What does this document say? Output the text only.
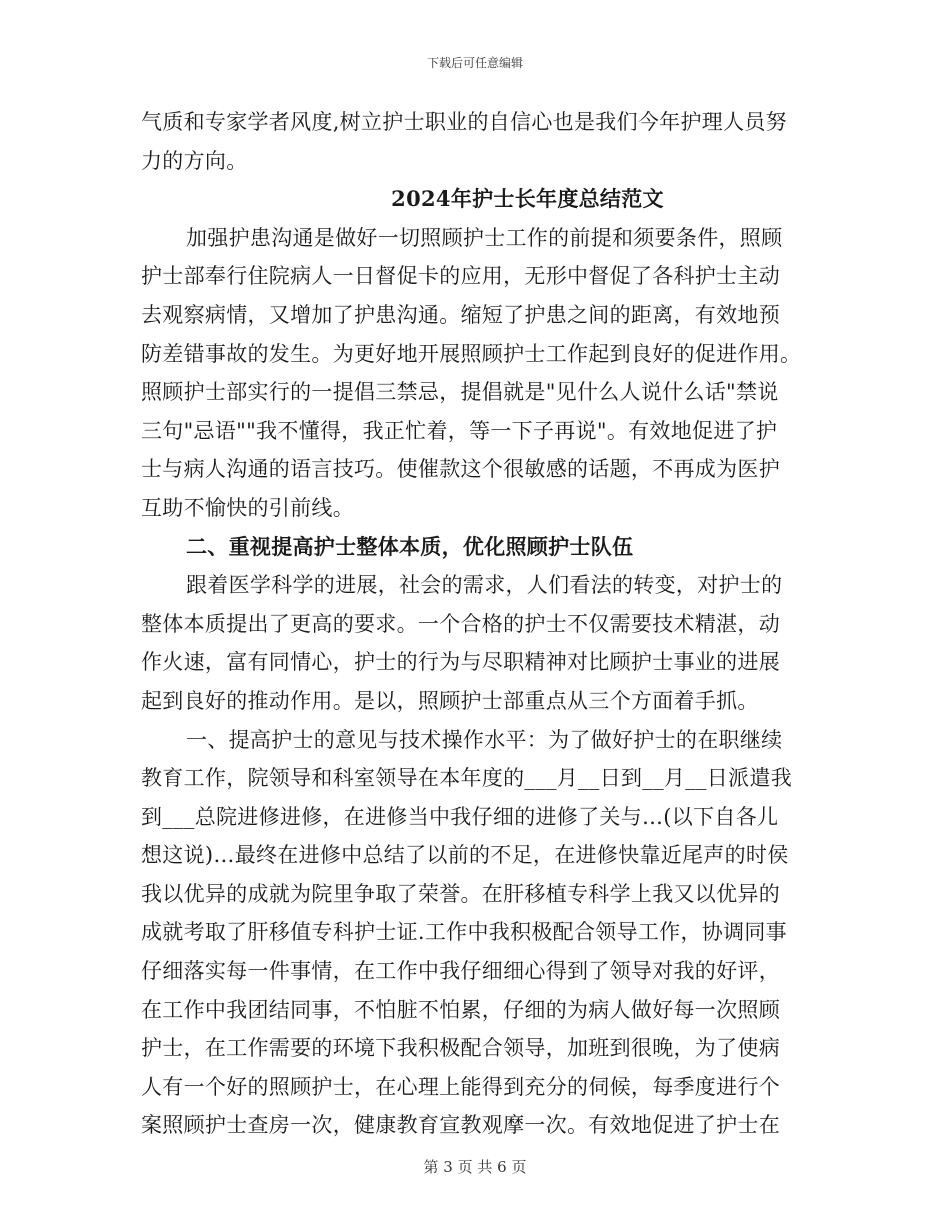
下载后可任意编辑
气质和专家学者风度,树立护士职业的自信心也是我们今年护理人员努
力的方向。
2024年护士长年度总结范文
加强护患沟通是做好一切照顾护士工作的前提和须要条件，照顾
护士部奉行住院病人一日督促卡的应用，无形中督促了各科护士主动
去观察病情，又增加了护患沟通。缩短了护患之间的距离，有效地预
防差错事故的发生。为更好地开展照顾护士工作起到良好的促进作用。
照顾护士部实行的一提倡三禁忌，提倡就是"见什么人说什么话"禁说
三句"忌语""我不懂得，我正忙着，等一下子再说"。有效地促进了护
士与病人沟通的语言技巧。使催款这个很敏感的话题，不再成为医护
互助不愉快的引前线。
二、重视提高护士整体本质，优化照顾护士队伍
跟着医学科学的进展，社会的需求，人们看法的转变，对护士的
整体本质提出了更高的要求。一个合格的护士不仅需要技术精湛，动
作火速，富有同情心，护士的行为与尽职精神对比顾护士事业的进展
起到良好的推动作用。是以，照顾护士部重点从三个方面着手抓。
一、提高护士的意见与技术操作水平：为了做好护士的在职继续
教育工作，院领导和科室领导在本年度的___月__日到__月__日派遣我
到___总院进修进修，在进修当中我仔细的进修了关与…(以下自各儿
想这说)…最终在进修中总结了以前的不足，在进修快靠近尾声的时侯
我以优异的成就为院里争取了荣誉。在肝移植专科学上我又以优异的
成就考取了肝移值专科护士证.工作中我积极配合领导工作，协调同事
仔细落实每一件事情，在工作中我仔细细心得到了领导对我的好评，
在工作中我团结同事，不怕脏不怕累，仔细的为病人做好每一次照顾
护士，在工作需要的环境下我积极配合领导，加班到很晚，为了使病
人有一个好的照顾护士，在心理上能得到充分的伺候，每季度进行个
案照顾护士查房一次，健康教育宣教观摩一次。有效地促进了护士在
第 3 页 共 6 页
